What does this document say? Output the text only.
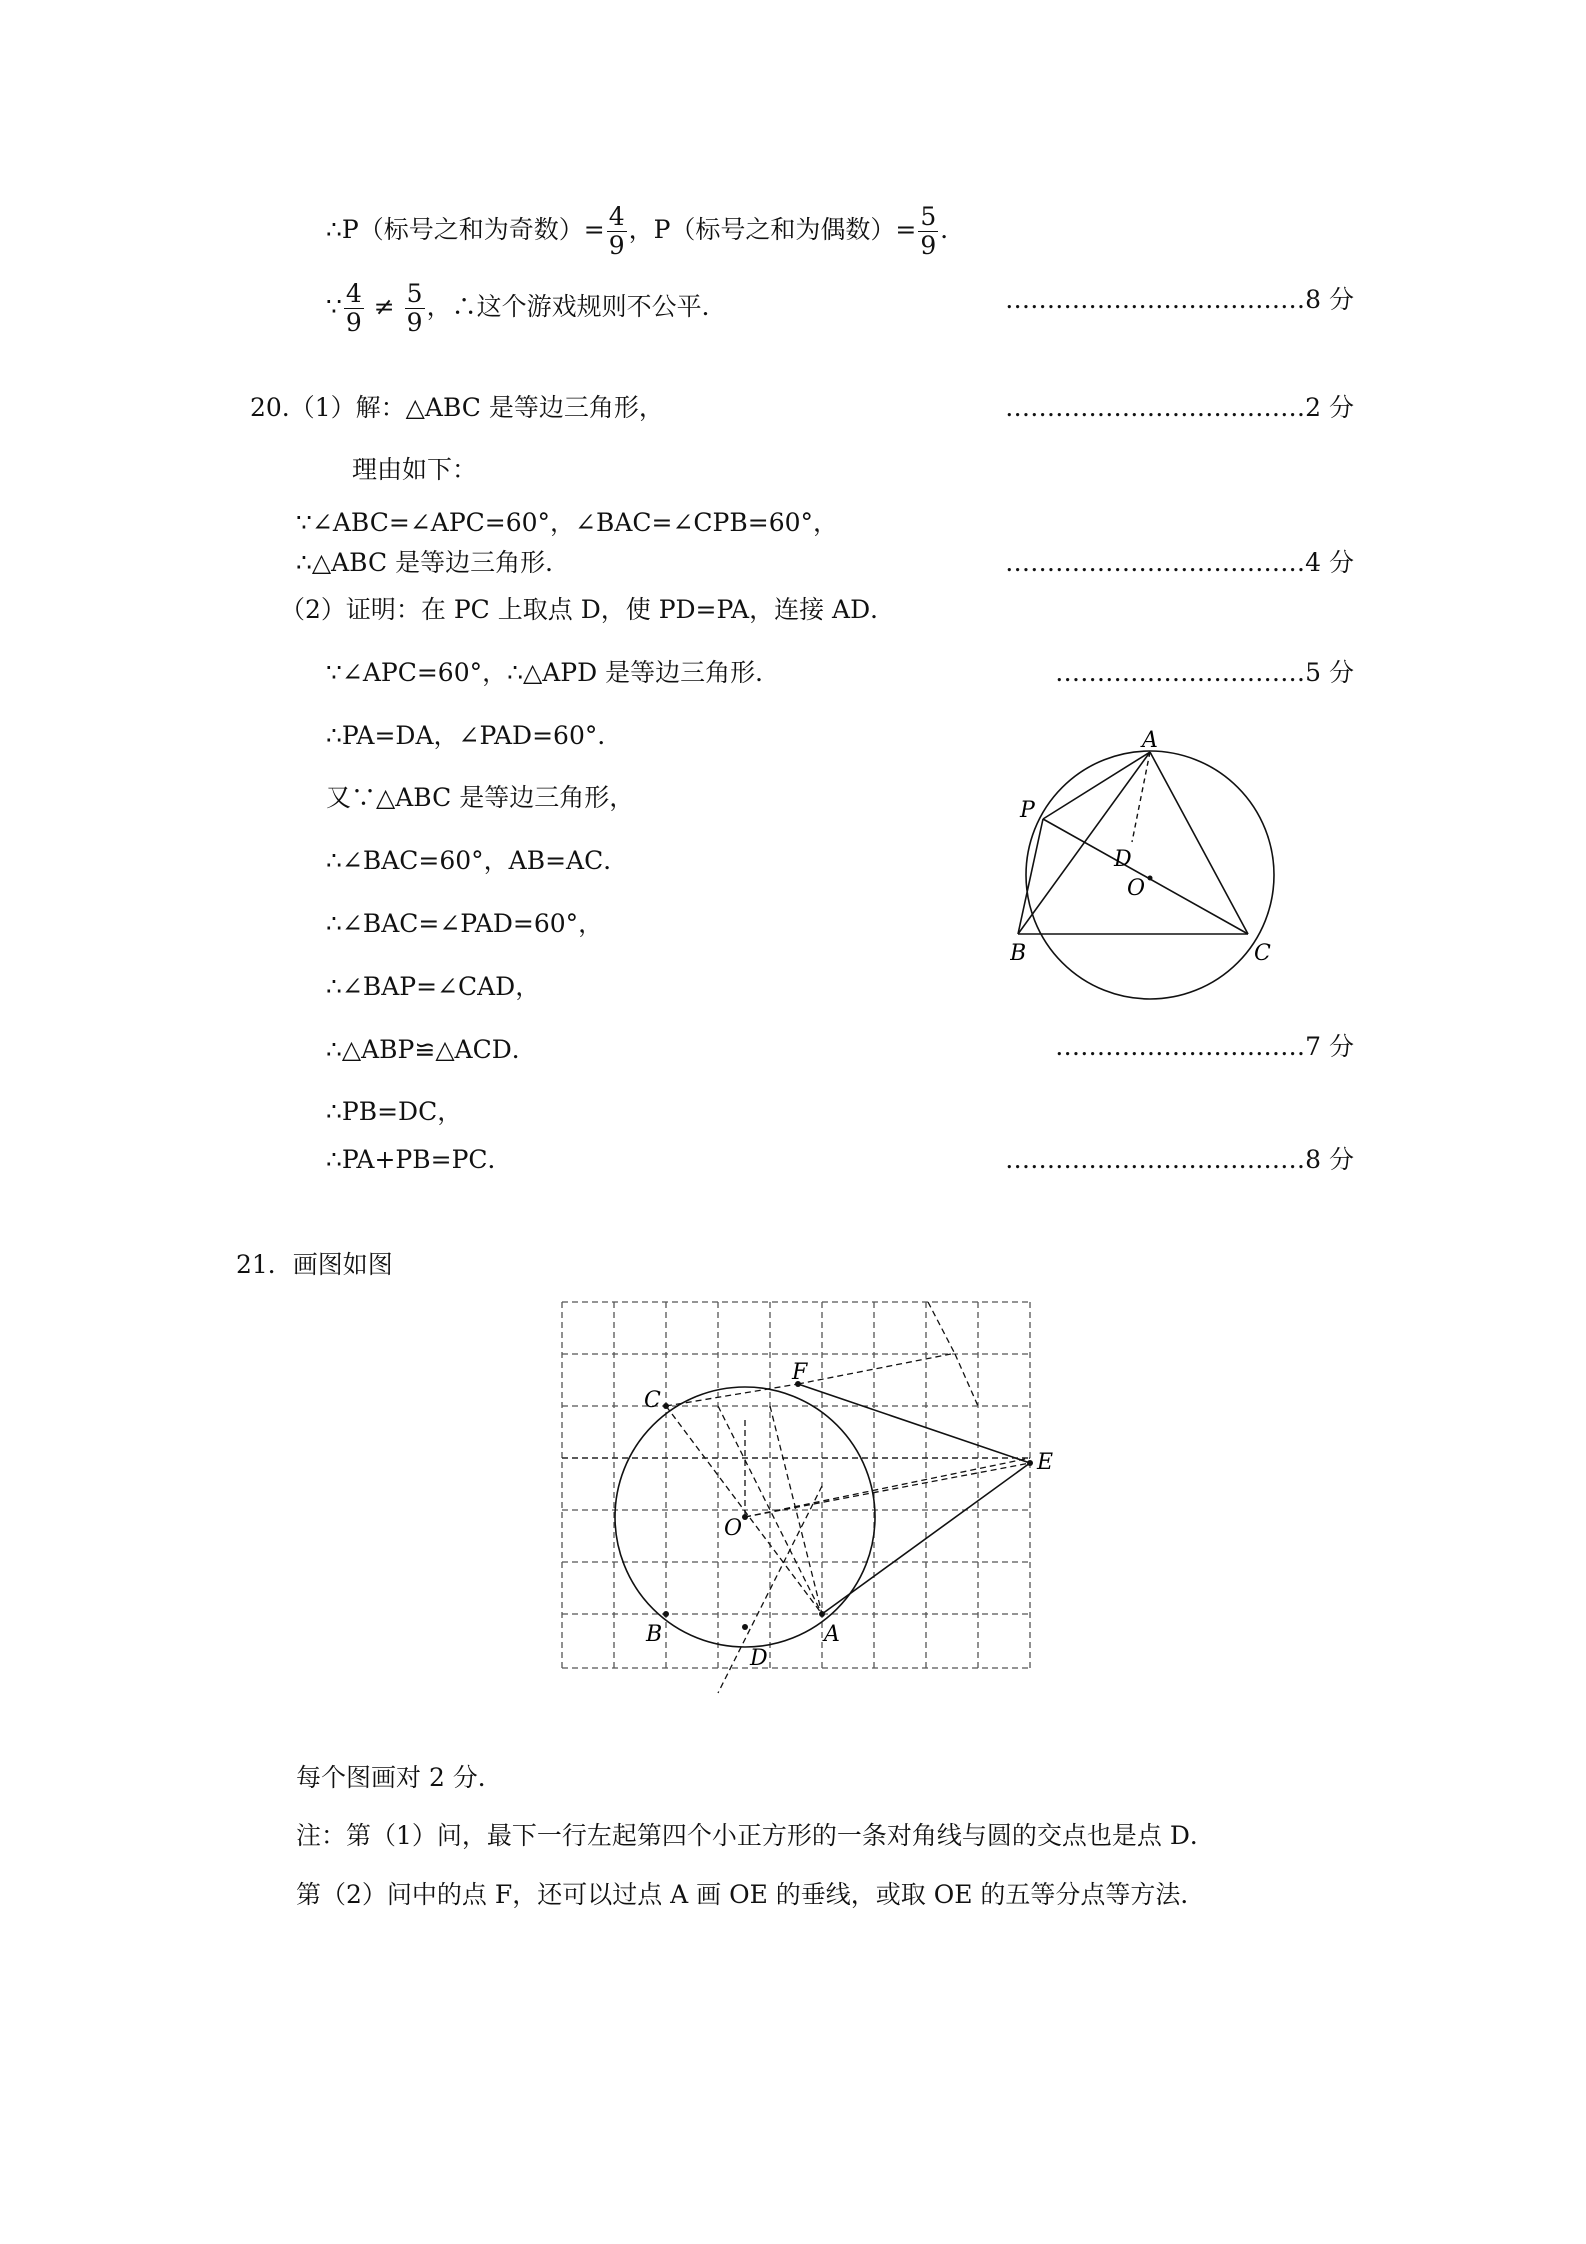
∴P（标号之和为奇数）= $\frac{4}{9}$ ，P（标号之和为偶数）= $\frac{5}{9}$ ．
∵ $\frac{4}{9} \ne \frac{5}{9}$ ，∴这个游戏规则不公平．	………………………………8 分
20.（1）解：△ABC 是等边三角形，	………………………………2 分
理由如下：
∵∠ABC=∠APC=60°，∠BAC=∠CPB=60°，
∴△ABC 是等边三角形．	………………………………4 分
（2）证明：在 PC 上取点 D，使 PD=PA，连接 AD．
∵∠APC=60°，∴△APD 是等边三角形．	…………………………5 分
∴PA=DA，∠PAD=60°．
又∵△ABC 是等边三角形，
∴∠BAC=60°，AB=AC．
∴∠BAC=∠PAD=60°，
∴∠BAP=∠CAD，
∴△ABP≌△ACD．	…………………………7 分
∴PB=DC，
∴PA+PB=PC．	………………………………8 分
A
P
D
O
B	C
21．画图如图
C
F
E
O
B	A
D
每个图画对 2 分．
注：第（1）问，最下一行左起第四个小正方形的一条对角线与圆的交点也是点 D．
第（2）问中的点 F，还可以过点 A 画 OE 的垂线，或取 OE 的五等分点等方法．
